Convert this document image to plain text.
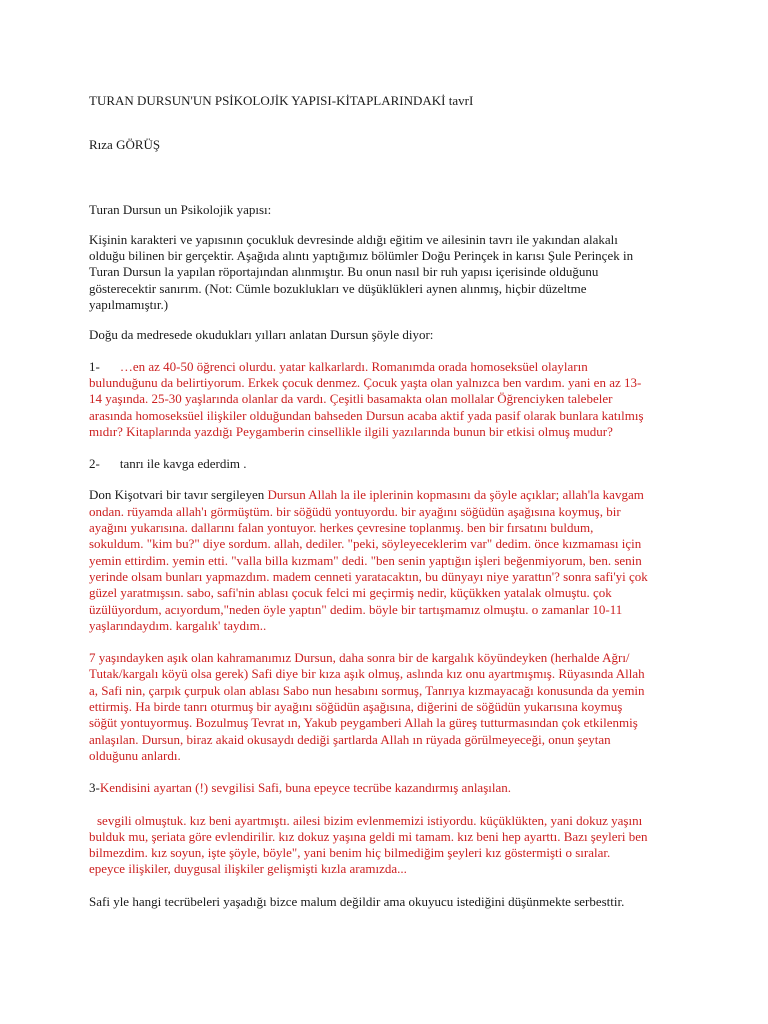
TURAN DURSUN'UN PSİKOLOJİK YAPISI-KİTAPLARINDAKİ tavrI

Rıza GÖRÜŞ

Turan Dursun un Psikolojik yapısı:

Kişinin karakteri ve yapısının çocukluk devresinde aldığı eğitim ve ailesinin tavrı ile yakından alakalı olduğu bilinen bir gerçektir. Aşağıda alıntı yaptığımız bölümler Doğu Perinçek in karısı Şule Perinçek in Turan Dursun la yapılan röportajından alınmıştır. Bu onun nasıl bir ruh yapısı içerisinde olduğunu gösterecektir sanırım. (Not: Cümle bozuklukları ve düşüklükleri aynen alınmış, hiçbir düzeltme yapılmamıştır.)

Doğu da medresede okudukları yılları anlatan Dursun şöyle diyor:

1- …en az 40-50 öğrenci olurdu. yatar kalkarlardı. Romanımda orada homoseksüel olayların bulunduğunu da belirtiyorum. Erkek çocuk denmez. Çocuk yaşta olan yalnızca ben vardım. yani en az 13-14 yaşında. 25-30 yaşlarında olanlar da vardı. Çeşitli basamakta olan mollalar Öğrenciyken talebeler arasında homoseksüel ilişkiler olduğundan bahseden Dursun acaba aktif yada pasif olarak bunlara katılmış mıdır? Kitaplarında yazdığı Peygamberin cinsellikle ilgili yazılarında bunun bir etkisi olmuş mudur?

2- tanrı ile kavga ederdim .

Don Kişotvari bir tavır sergileyen Dursun Allah la ile iplerinin kopmasını da şöyle açıklar; allah'la kavgam ondan. rüyamda allah'ı görmüştüm. bir söğüdü yontuyordu. bir ayağını söğüdün aşağısına koymuş, bir ayağını yukarısına. dallarını falan yontuyor. herkes çevresine toplanmış. ben bir fırsatını buldum, sokuldum. "kim bu?" diye sordum. allah, dediler. "peki, söyleyeceklerim var" dedim. önce kızmaması için yemin ettirdim. yemin etti. "valla billa kızmam" dedi. "ben senin yaptığın işleri beğenmiyorum, ben. senin yerinde olsam bunları yapmazdım. madem cenneti yaratacaktın, bu dünyayı niye yarattın'? sonra safi'yi çok güzel yaratmışsın. sabo, safi'nin ablası çocuk felci mi geçirmiş nedir, küçükken yatalak olmuştu. çok üzülüyordum, acıyordum,"neden öyle yaptın" dedim. böyle bir tartışmamız olmuştu. o zamanlar 10-11 yaşlarındaydım. kargalık' taydım..

7 yaşındayken aşık olan kahramanımız Dursun, daha sonra bir de kargalık köyündeyken (herhalde Ağrı/ Tutak/kargalı köyü olsa gerek) Safi diye bir kıza aşık olmuş, aslında kız onu ayartmışmış. Rüyasında Allah a, Safi nin, çarpık çurpuk olan ablası Sabo nun hesabını sormuş, Tanrıya kızmayacağı konusunda da yemin ettirmiş. Ha birde tanrı oturmuş bir ayağını söğüdün aşağısına, diğerini de söğüdün yukarısına koymuş söğüt yontuyormuş. Bozulmuş Tevrat ın, Yakub peygamberi Allah la güreş tutturmasından çok etkilenmiş anlaşılan. Dursun, biraz akaid okusaydı dediği şartlarda Allah ın rüyada görülmeyeceği, onun şeytan olduğunu anlardı.

3-Kendisini ayartan (!) sevgilisi Safi, buna epeyce tecrübe kazandırmış anlaşılan.

sevgili olmuştuk. kız beni ayartmıştı. ailesi bizim evlenmemizi istiyordu. küçüklükten, yani dokuz yaşını bulduk mu, şeriata göre evlendirilir. kız dokuz yaşına geldi mi tamam. kız beni hep ayarttı. Bazı şeyleri ben bilmezdim. kız soyun, işte şöyle, böyle", yani benim hiç bilmediğim şeyleri kız göstermişti o sıralar. epeyce ilişkiler, duygusal ilişkiler gelişmişti kızla aramızda...

Safi yle hangi tecrübeleri yaşadığı bizce malum değildir ama okuyucu istediğini düşünmekte serbesttir.
